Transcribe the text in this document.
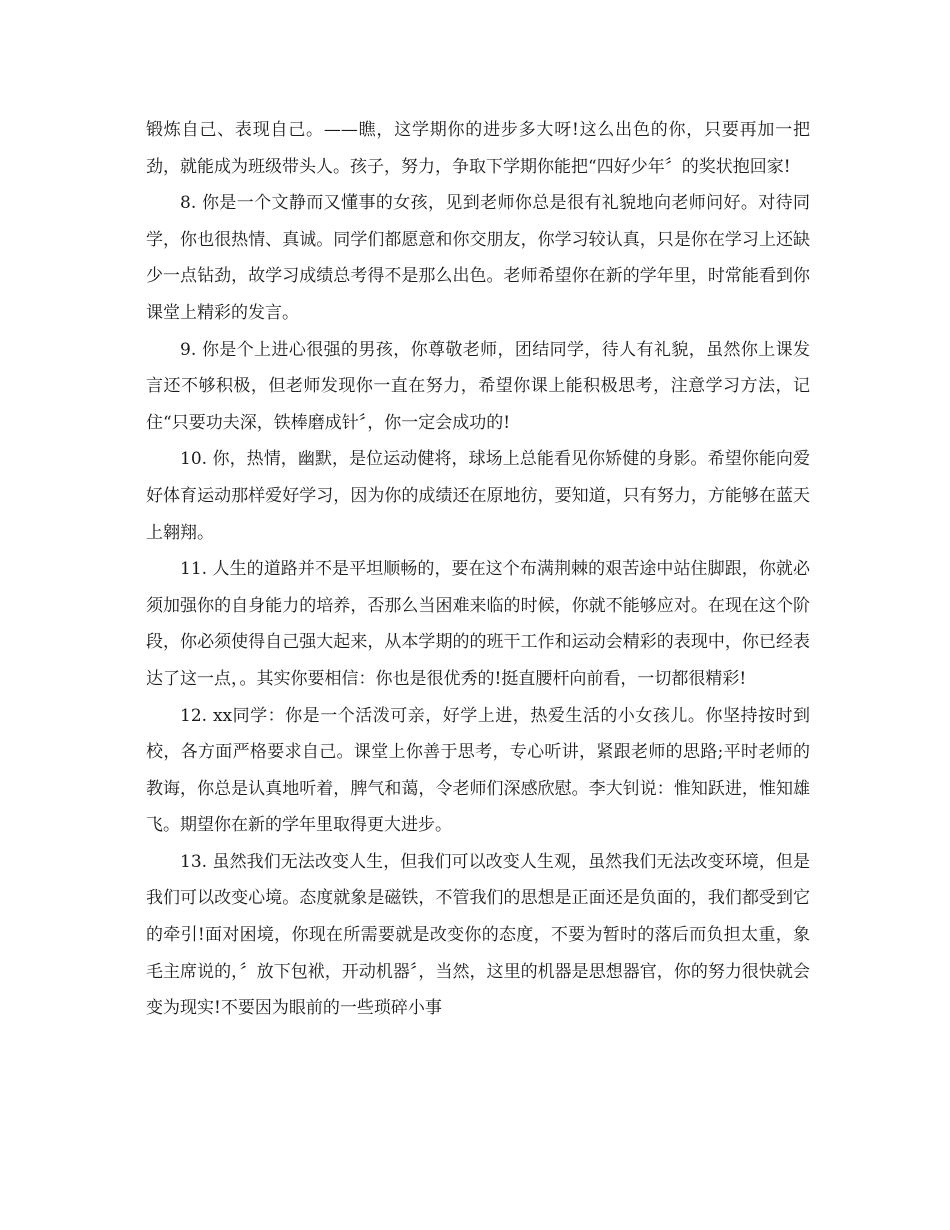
锻炼自己、表现自己。——瞧，这学期你的进步多大呀!这么出色的你，只要再加一把劲，就能成为班级带头人。孩子，努力，争取下学期你能把“四好少年〞的奖状抱回家!

8. 你是一个文静而又懂事的女孩，见到老师你总是很有礼貌地向老师问好。对待同学，你也很热情、真诚。同学们都愿意和你交朋友，你学习较认真，只是你在学习上还缺少一点钻劲，故学习成绩总考得不是那么出色。老师希望你在新的学年里，时常能看到你课堂上精彩的发言。

9. 你是个上进心很强的男孩，你尊敬老师，团结同学，待人有礼貌，虽然你上课发言还不够积极，但老师发现你一直在努力，希望你课上能积极思考，注意学习方法，记住“只要功夫深，铁棒磨成针〞，你一定会成功的!

10. 你，热情，幽默，是位运动健将，球场上总能看见你矫健的身影。希望你能向爱好体育运动那样爱好学习，因为你的成绩还在原地彷，要知道，只有努力，方能够在蓝天上翱翔。

11. 人生的道路并不是平坦顺畅的，要在这个布满荆棘的艰苦途中站住脚跟，你就必须加强你的自身能力的培养，否那么当困难来临的时候，你就不能够应对。在现在这个阶段，你必须使得自己强大起来，从本学期的的班干工作和运动会精彩的表现中，你已经表达了这一点，。其实你要相信：你也是很优秀的!挺直腰杆向前看，一切都很精彩!

12. xx同学：你是一个活泼可亲，好学上进，热爱生活的小女孩儿。你坚持按时到校，各方面严格要求自己。课堂上你善于思考，专心听讲，紧跟老师的思路;平时老师的教诲，你总是认真地听着，脾气和蔼，令老师们深感欣慰。李大钊说：惟知跃进，惟知雄飞。期望你在新的学年里取得更大进步。

13. 虽然我们无法改变人生，但我们可以改变人生观，虽然我们无法改变环境，但是我们可以改变心境。态度就象是磁铁，不管我们的思想是正面还是负面的，我们都受到它的牵引!面对困境，你现在所需要就是改变你的态度，不要为暂时的落后而负担太重，象毛主席说的，〞放下包袱，开动机器〞，当然，这里的机器是思想器官，你的努力很快就会变为现实!不要因为眼前的一些琐碎小事
